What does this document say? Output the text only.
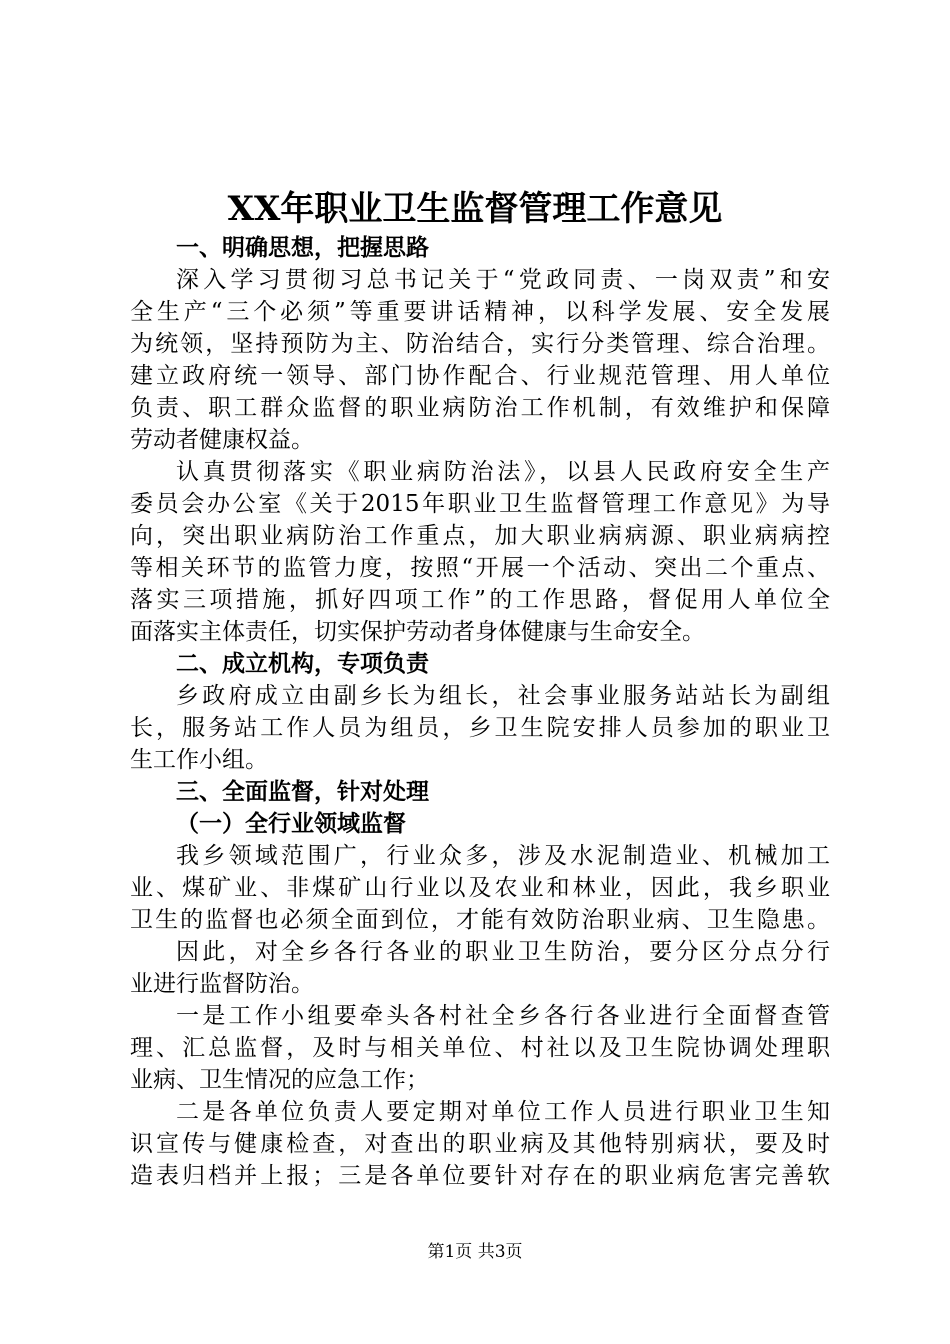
XX年职业卫生监督管理工作意见
一、明确思想，把握思路
深入学习贯彻习总书记关于“党政同责、一岗双责”和安
全生产“三个必须”等重要讲话精神，以科学发展、安全发展
为统领，坚持预防为主、防治结合，实行分类管理、综合治理。
建立政府统一领导、部门协作配合、行业规范管理、用人单位
负责、职工群众监督的职业病防治工作机制，有效维护和保障
劳动者健康权益。
认真贯彻落实《职业病防治法》，以县人民政府安全生产
委员会办公室《关于2015年职业卫生监督管理工作意见》为导
向，突出职业病防治工作重点，加大职业病病源、职业病病控
等相关环节的监管力度，按照“开展一个活动、突出二个重点、
落实三项措施，抓好四项工作”的工作思路，督促用人单位全
面落实主体责任，切实保护劳动者身体健康与生命安全。
二、成立机构，专项负责
乡政府成立由副乡长为组长，社会事业服务站站长为副组
长，服务站工作人员为组员，乡卫生院安排人员参加的职业卫
生工作小组。
三、全面监督，针对处理
（一）全行业领域监督
我乡领域范围广，行业众多，涉及水泥制造业、机械加工
业、煤矿业、非煤矿山行业以及农业和林业，因此，我乡职业
卫生的监督也必须全面到位，才能有效防治职业病、卫生隐患。
因此，对全乡各行各业的职业卫生防治，要分区分点分行
业进行监督防治。
一是工作小组要牵头各村社全乡各行各业进行全面督查管
理、汇总监督，及时与相关单位、村社以及卫生院协调处理职
业病、卫生情况的应急工作；
二是各单位负责人要定期对单位工作人员进行职业卫生知
识宣传与健康检查，对查出的职业病及其他特别病状，要及时
造表归档并上报；三是各单位要针对存在的职业病危害完善软
第1页 共3页
